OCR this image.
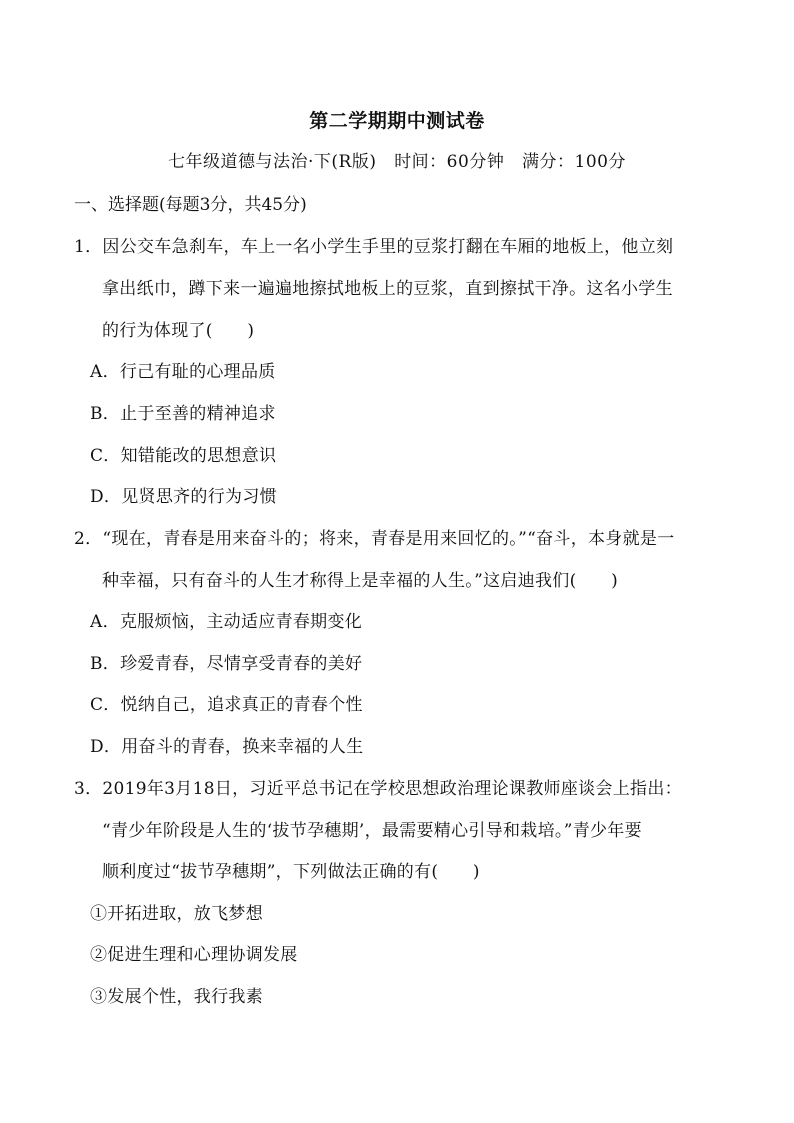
第二学期期中测试卷
七年级道德与法治·下(R版) 时间：60分钟 满分：100分
一、选择题(每题3分，共45分)
1．因公交车急刹车，车上一名小学生手里的豆浆打翻在车厢的地板上，他立刻
拿出纸巾，蹲下来一遍遍地擦拭地板上的豆浆，直到擦拭干净。这名小学生
的行为体现了(　　)
A．行己有耻的心理品质
B．止于至善的精神追求
C．知错能改的思想意识
D．见贤思齐的行为习惯
2．“现在，青春是用来奋斗的；将来，青春是用来回忆的。”“奋斗，本身就是一
种幸福，只有奋斗的人生才称得上是幸福的人生。”这启迪我们(　　)
A．克服烦恼，主动适应青春期变化
B．珍爱青春，尽情享受青春的美好
C．悦纳自己，追求真正的青春个性
D．用奋斗的青春，换来幸福的人生
3．2019年3月18日，习近平总书记在学校思想政治理论课教师座谈会上指出：
“青少年阶段是人生的‘拔节孕穗期’，最需要精心引导和栽培。”青少年要
顺利度过“拔节孕穗期”，下列做法正确的有(　　)
①开拓进取，放飞梦想
②促进生理和心理协调发展
③发展个性，我行我素
